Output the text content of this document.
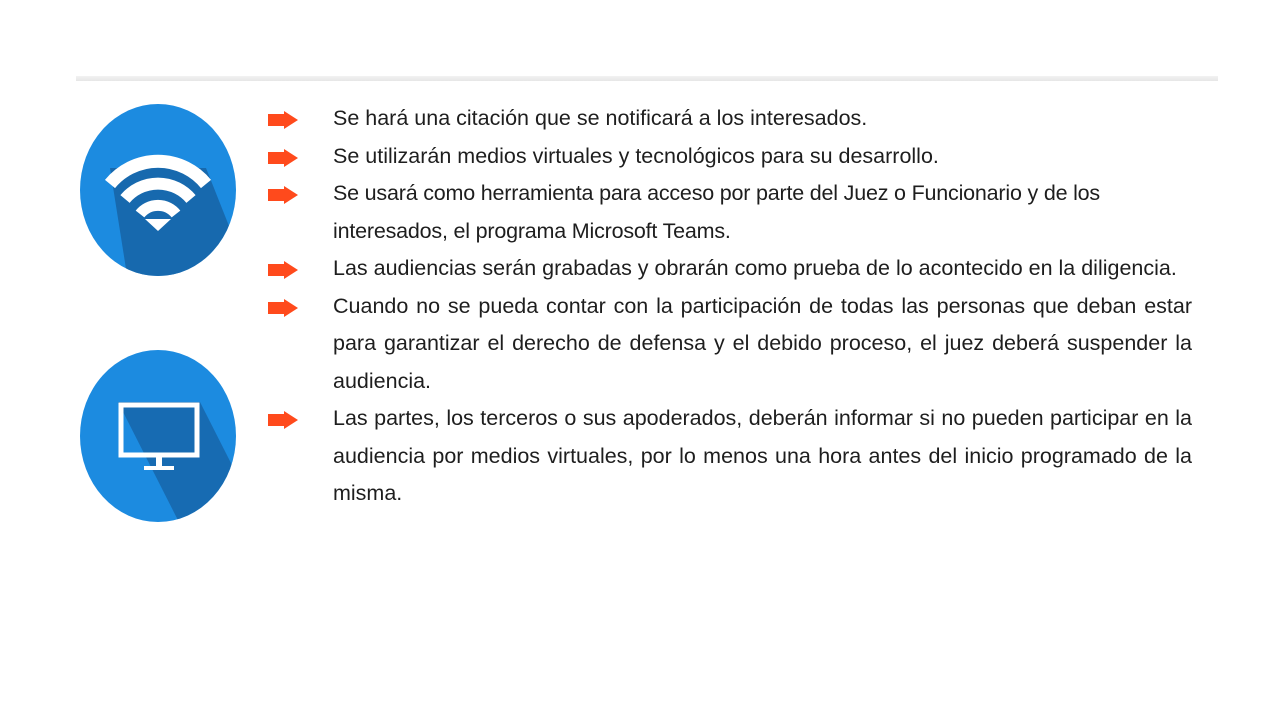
Se hará una citación que se notificará a los interesados.
Se utilizarán medios virtuales y tecnológicos para su desarrollo.
Se usará como herramienta para acceso por parte del Juez o Funcionario y de los interesados, el programa Microsoft Teams.
Las audiencias serán grabadas y obrarán como prueba de lo acontecido en la diligencia.
Cuando no se pueda contar con la participación de todas las personas que deban estar para garantizar el derecho de defensa y el debido proceso, el juez deberá suspender la audiencia.
Las partes, los terceros o sus apoderados, deberán informar si no pueden participar en la audiencia por medios virtuales, por lo menos una hora antes del inicio programado de la misma.
